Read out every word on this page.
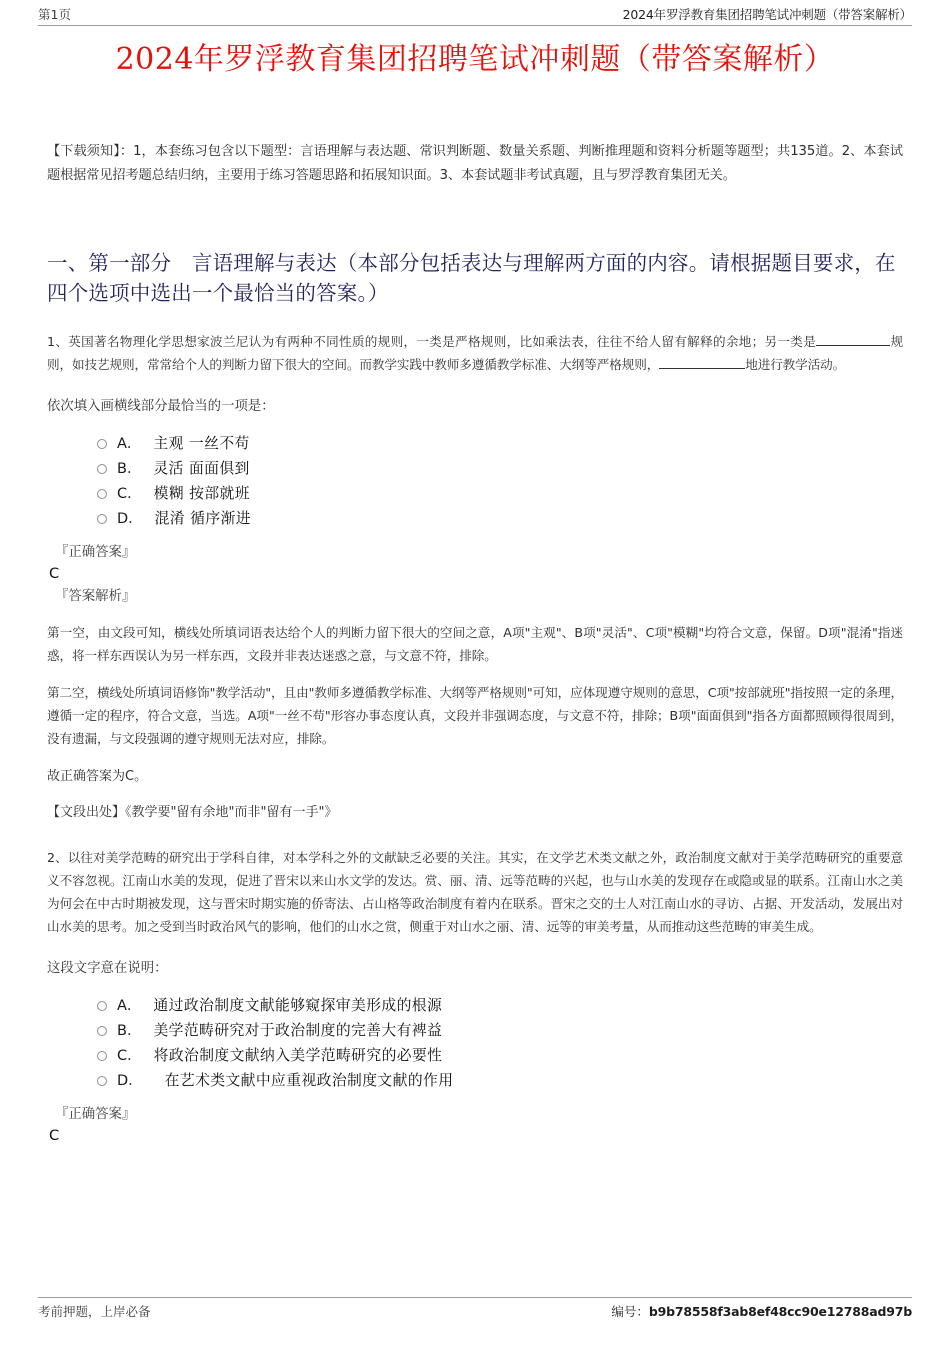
第1页	2024年罗浮教育集团招聘笔试冲刺题（带答案解析）
2024年罗浮教育集团招聘笔试冲刺题（带答案解析）
【下载须知】：1，本套练习包含以下题型：言语理解与表达题、常识判断题、数量关系题、判断推理题和资料分析题等题型；共135道。2、本套试题根据常见招考题总结归纳，主要用于练习答题思路和拓展知识面。3、本套试题非考试真题，且与罗浮教育集团无关。
一、第一部分　言语理解与表达（本部分包括表达与理解两方面的内容。请根据题目要求，在四个选项中选出一个最恰当的答案。）
1、英国著名物理化学思想家波兰尼认为有两种不同性质的规则，一类是严格规则，比如乘法表，往往不给人留有解释的余地；另一类是	规则，如技艺规则，常常给个人的判断力留下很大的空间。而教学实践中教师多遵循教学标准、大纲等严格规则，	地进行教学活动。
依次填入画横线部分最恰当的一项是：
A． 主观 一丝不苟
B． 灵活 面面俱到
C． 模糊 按部就班
D． 混淆 循序渐进
『正确答案』
C
『答案解析』
第一空，由文段可知，横线处所填词语表达给个人的判断力留下很大的空间之意，A项"主观"、B项"灵活"、C项"模糊"均符合文意，保留。D项"混淆"指迷惑，将一样东西误认为另一样东西，文段并非表达迷惑之意，与文意不符，排除。
第二空，横线处所填词语修饰"教学活动"，且由"教师多遵循教学标准、大纲等严格规则"可知，应体现遵守规则的意思，C项"按部就班"指按照一定的条理，遵循一定的程序，符合文意，当选。A项"一丝不苟"形容办事态度认真，文段并非强调态度，与文意不符，排除；B项"面面俱到"指各方面都照顾得很周到，没有遗漏，与文段强调的遵守规则无法对应，排除。
故正确答案为C。
【文段出处】《教学要"留有余地"而非"留有一手"》
2、以往对美学范畴的研究出于学科自律，对本学科之外的文献缺乏必要的关注。其实，在文学艺术类文献之外，政治制度文献对于美学范畴研究的重要意义不容忽视。江南山水美的发现，促进了晋宋以来山水文学的发达。赏、丽、清、远等范畴的兴起，也与山水美的发现存在或隐或显的联系。江南山水之美为何会在中古时期被发现，这与晋宋时期实施的侨寄法、占山格等政治制度有着内在联系。晋宋之交的士人对江南山水的寻访、占据、开发活动，发展出对山水美的思考。加之受到当时政治风气的影响，他们的山水之赏，侧重于对山水之丽、清、远等的审美考量，从而推动这些范畴的审美生成。
这段文字意在说明：
A． 通过政治制度文献能够窥探审美形成的根源
B． 美学范畴研究对于政治制度的完善大有裨益
C． 将政治制度文献纳入美学范畴研究的必要性
D． 在艺术类文献中应重视政治制度文献的作用
『正确答案』
C
考前押题，上岸必备	编号：b9b78558f3ab8ef48cc90e12788ad97b
